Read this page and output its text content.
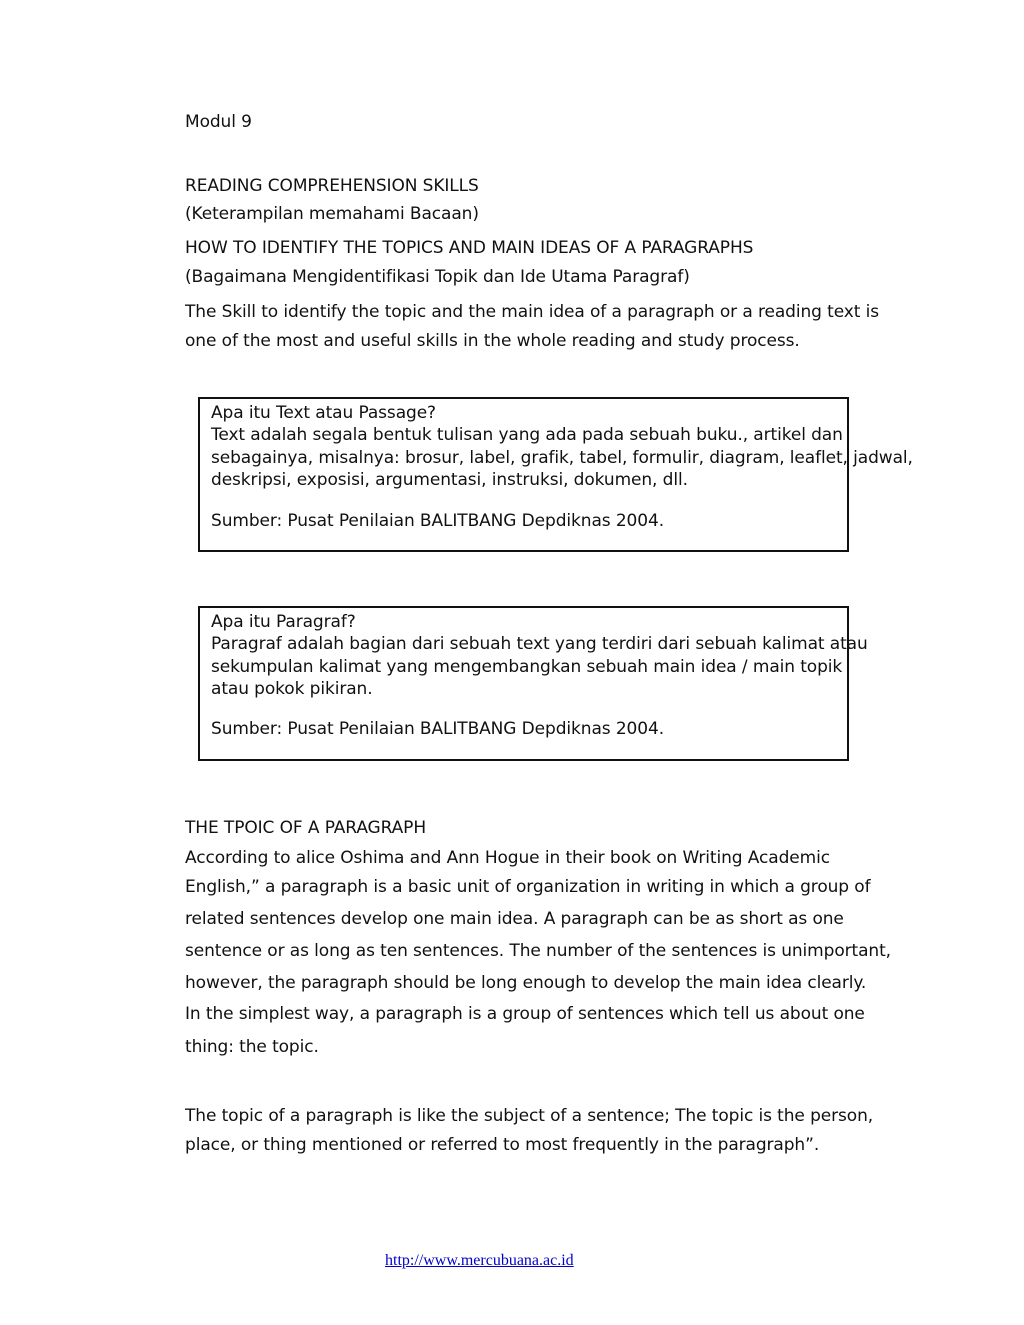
Modul 9
READING COMPREHENSION SKILLS
(Keterampilan memahami Bacaan)
HOW TO IDENTIFY THE TOPICS AND MAIN IDEAS OF A PARAGRAPHS
(Bagaimana Mengidentifikasi Topik dan Ide Utama Paragraf)
The Skill to identify the topic and the main idea of a paragraph or a reading text is
one of the most and useful skills in the whole reading and study process.
Apa itu Text atau Passage?
Text adalah segala bentuk tulisan yang ada pada sebuah buku., artikel dan
sebagainya, misalnya: brosur, label, grafik, tabel, formulir, diagram, leaflet, jadwal,
deskripsi, exposisi, argumentasi, instruksi, dokumen, dll.
Sumber: Pusat Penilaian BALITBANG Depdiknas 2004.
Apa itu Paragraf?
Paragraf adalah bagian dari sebuah text yang terdiri dari sebuah kalimat atau
sekumpulan kalimat yang mengembangkan sebuah main idea / main topik
atau pokok pikiran.
Sumber: Pusat Penilaian BALITBANG Depdiknas 2004.
THE TPOIC OF A PARAGRAPH
According to alice Oshima and Ann Hogue in their book on Writing Academic
English,” a paragraph is a basic unit of organization in writing in which a group of
related sentences develop one main idea. A paragraph can be as short as one
sentence or as long as ten sentences. The number of the sentences is unimportant,
however, the paragraph should be long enough to develop the main idea clearly.
In the simplest way, a paragraph is a group of sentences which tell us about one
thing: the topic.
The topic of a paragraph is like the subject of a sentence; The topic is the person,
place, or thing mentioned or referred to most frequently in the paragraph”.
http://www.mercubuana.ac.id
